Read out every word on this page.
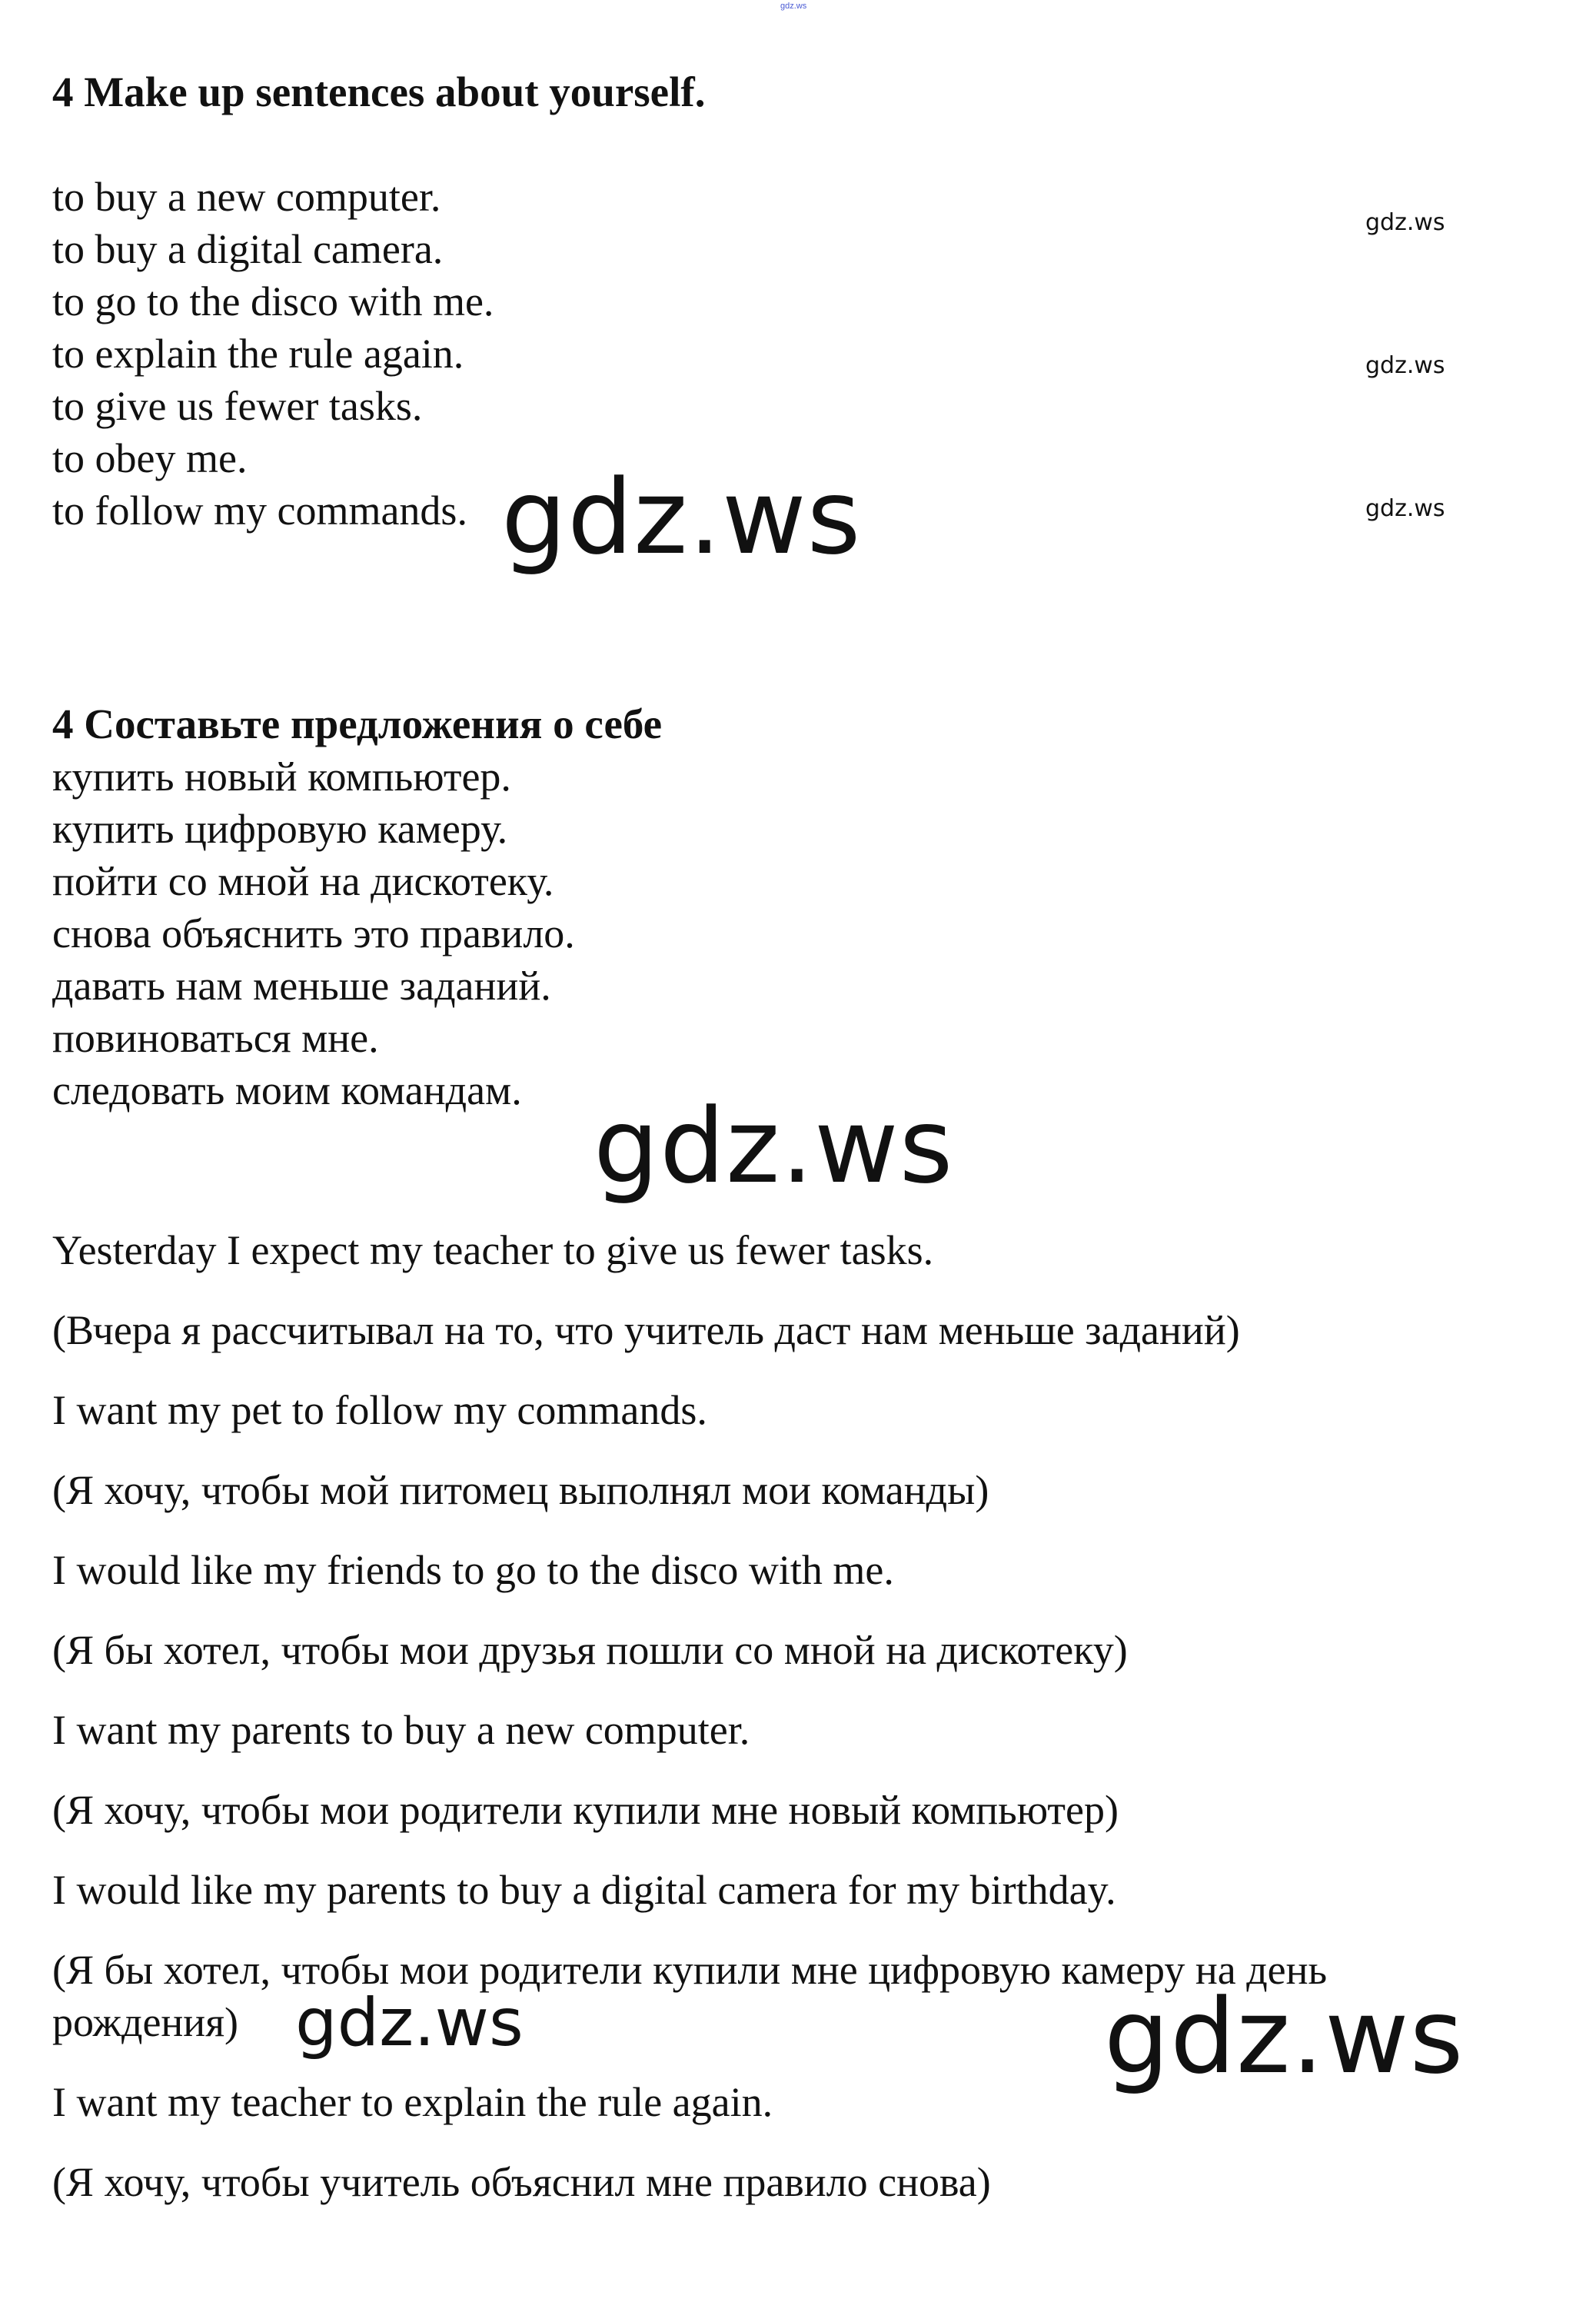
gdz.ws
4 Make up sentences about yourself.
to buy a new computer.
to buy a digital camera.
to go to the disco with me.
to explain the rule again.
to give us fewer tasks.
to obey me.
to follow my commands.
gdz.ws
gdz.ws
gdz.ws
gdz.ws
4 Составьте предложения о себе
купить новый компьютер.
купить цифровую камеру.
пойти со мной на дискотеку.
снова объяснить это правило.
давать нам меньше заданий.
повиноваться мне.
следовать моим командам. gdz.ws
Yesterday I expect my teacher to give us fewer tasks.
(Вчера я рассчитывал на то, что учитель даст нам меньше заданий)
I want my pet to follow my commands.
(Я хочу, чтобы мой питомец выполнял мои команды)
I would like my friends to go to the disco with me.
(Я бы хотел, чтобы мои друзья пошли со мной на дискотеку)
I want my parents to buy a new computer.
(Я хочу, чтобы мои родители купили мне новый компьютер)
I would like my parents to buy a digital camera for my birthday.
(Я бы хотел, чтобы мои родители купили мне цифровую камеру на день рождения)
I want my teacher to explain the rule again.
(Я хочу, чтобы учитель объяснил мне правило снова)
gdz.ws	gdz.ws
